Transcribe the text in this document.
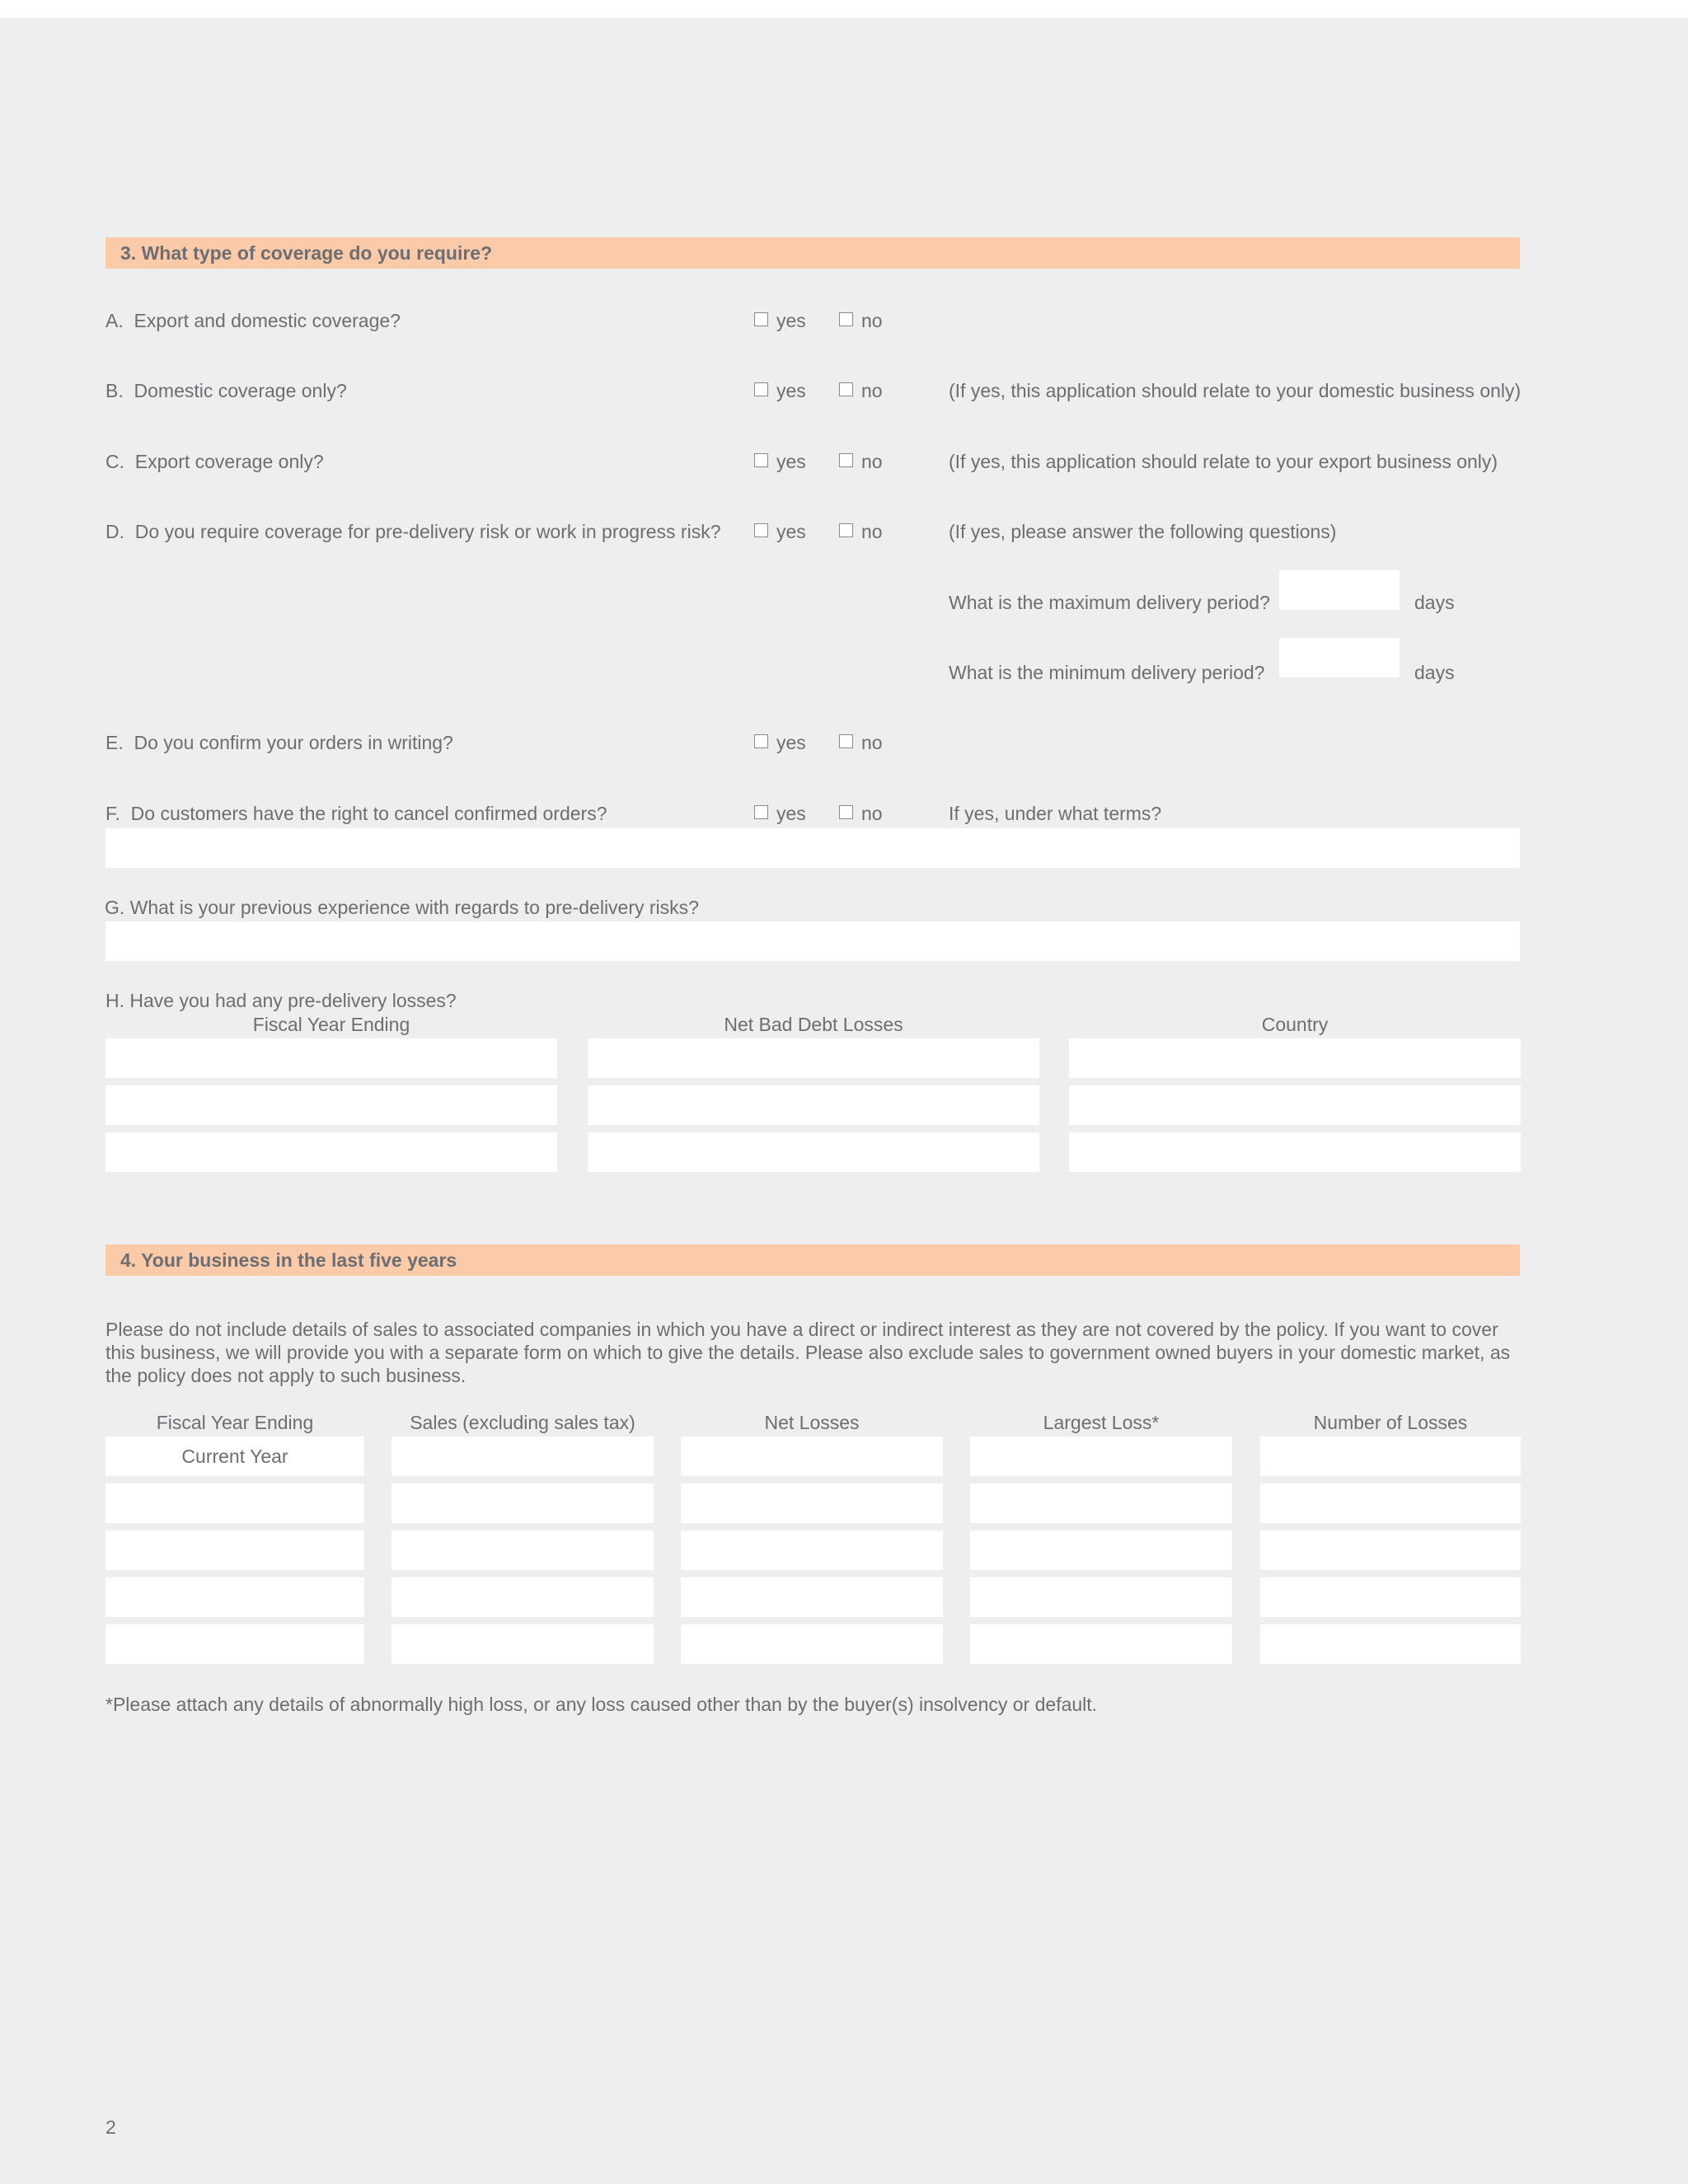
3. What type of coverage do you require?
A. Export and domestic coverage?	yes	no
B. Domestic coverage only?	yes	no	(If yes, this application should relate to your domestic business only)
C. Export coverage only?	yes	no	(If yes, this application should relate to your export business only)
D. Do you require coverage for pre-delivery risk or work in progress risk?	yes	no	(If yes, please answer the following questions)
What is the maximum delivery period?	days
What is the minimum delivery period?	days
E. Do you confirm your orders in writing?	yes	no
F. Do customers have the right to cancel confirmed orders?	yes	no	If yes, under what terms?
G. What is your previous experience with regards to pre-delivery risks?
H. Have you had any pre-delivery losses?
Fiscal Year Ending	Net Bad Debt Losses	Country
4. Your business in the last five years
Please do not include details of sales to associated companies in which you have a direct or indirect interest as they are not covered by the policy. If you want to cover this business, we will provide you with a separate form on which to give the details. Please also exclude sales to government owned buyers in your domestic market, as the policy does not apply to such business.
Fiscal Year Ending	Sales (excluding sales tax)	Net Losses	Largest Loss*	Number of Losses
Current Year
*Please attach any details of abnormally high loss, or any loss caused other than by the buyer(s) insolvency or default.
2
